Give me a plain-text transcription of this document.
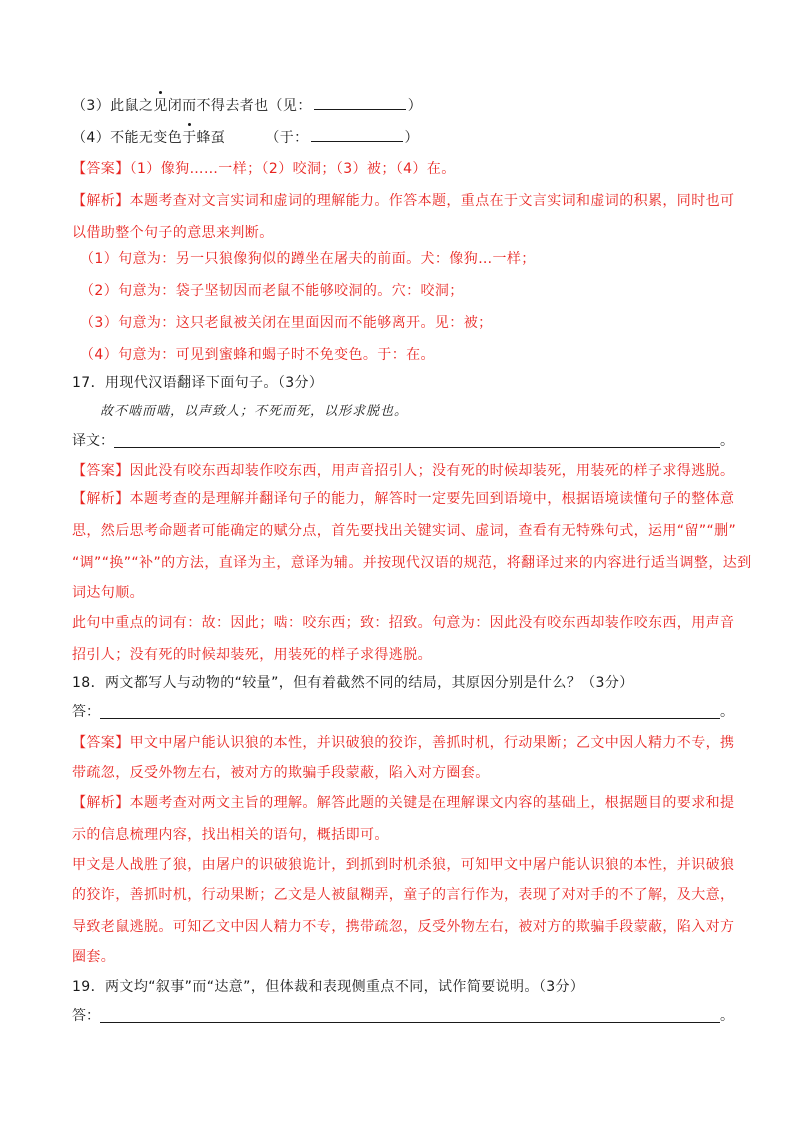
（3）此鼠之见闭而不得去者也（见：	）
（4）不能无变色于蜂虿	（于：	）
【答案】（1）像狗……一样；（2）咬洞；（3）被；（4）在。
【解析】本题考查对文言实词和虚词的理解能力。作答本题，重点在于文言实词和虚词的积累，同时也可
以借助整个句子的意思来判断。
（1）句意为：另一只狼像狗似的蹲坐在屠夫的前面。犬：像狗…一样；
（2）句意为：袋子坚韧因而老鼠不能够咬洞的。穴：咬洞；
（3）句意为：这只老鼠被关闭在里面因而不能够离开。见：被；
（4）句意为：可见到蜜蜂和蝎子时不免变色。于：在。
17．用现代汉语翻译下面句子。（3分）
故不啮而啮，以声致人；不死而死，以形求脱也。
译文：	。
【答案】因此没有咬东西却装作咬东西，用声音招引人；没有死的时候却装死，用装死的样子求得逃脱。
【解析】本题考查的是理解并翻译句子的能力，解答时一定要先回到语境中，根据语境读懂句子的整体意
思，然后思考命题者可能确定的赋分点，首先要找出关键实词、虚词，查看有无特殊句式，运用“留”“删”
“调”“换”“补”的方法，直译为主，意译为辅。并按现代汉语的规范，将翻译过来的内容进行适当调整，达到
词达句顺。
此句中重点的词有：故：因此；啮：咬东西；致：招致。句意为：因此没有咬东西却装作咬东西，用声音
招引人；没有死的时候却装死，用装死的样子求得逃脱。
18．两文都写人与动物的“较量”，但有着截然不同的结局，其原因分别是什么？（3分）
答：	。
【答案】甲文中屠户能认识狼的本性，并识破狼的狡诈，善抓时机，行动果断；乙文中因人精力不专，携
带疏忽，反受外物左右，被对方的欺骗手段蒙蔽，陷入对方圈套。
【解析】本题考查对两文主旨的理解。解答此题的关键是在理解课文内容的基础上，根据题目的要求和提
示的信息梳理内容，找出相关的语句，概括即可。
甲文是人战胜了狼，由屠户的识破狼诡计，到抓到时机杀狼，可知甲文中屠户能认识狼的本性，并识破狼
的狡诈，善抓时机，行动果断；乙文是人被鼠糊弄，童子的言行作为，表现了对对手的不了解，及大意，
导致老鼠逃脱。可知乙文中因人精力不专，携带疏忽，反受外物左右，被对方的欺骗手段蒙蔽，陷入对方
圈套。
19．两文均“叙事”而“达意”，但体裁和表现侧重点不同，试作简要说明。（3分）
答：	。
